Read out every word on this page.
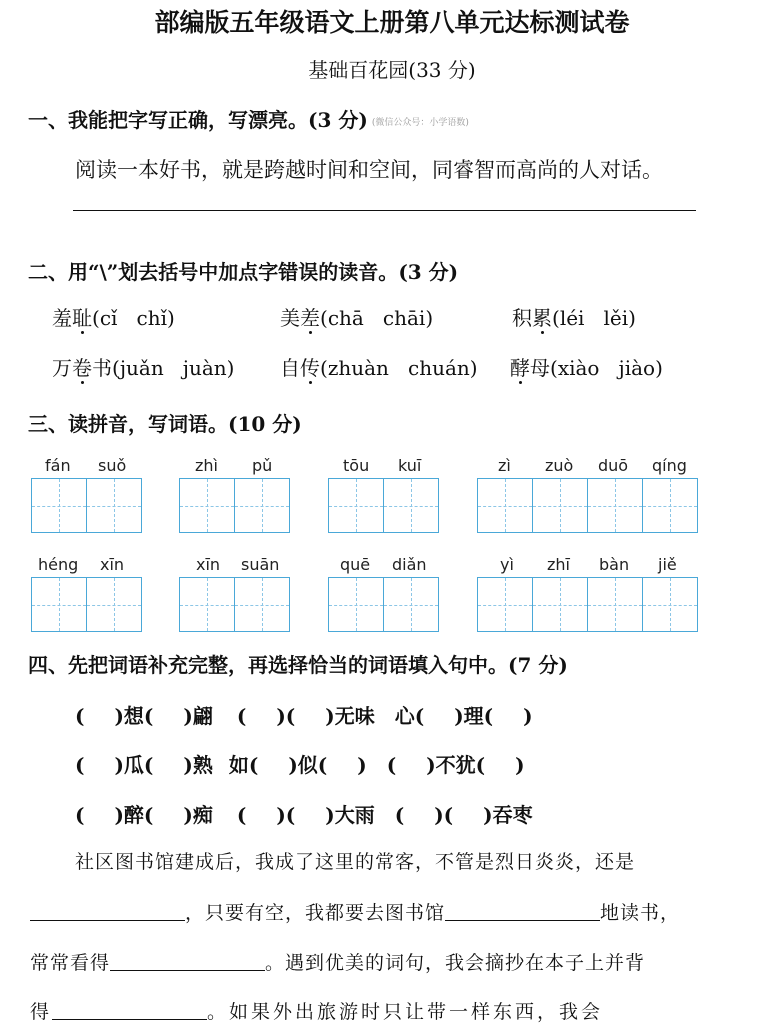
部编版五年级语文上册第八单元达标测试卷
基础百花园(33 分)
一、我能把字写正确，写漂亮。(3 分) (微信公众号：小学语数)
阅读一本好书，就是跨越时间和空间，同睿智而高尚的人对话。
二、用“\”划去括号中加点字错误的读音。(3 分)
羞耻(cǐ chǐ)	美差(chā chāi)	积累(léi lěi)
万卷书(juǎn juàn) 自传(zhuàn chuán) 酵母(xiào jiào)
三、读拼音，写词语。(10 分)
fán suǒ	zhì pǔ	tōu kuī	zì zuò duō qíng
héng xīn	xīn suān	quē diǎn	yì zhī bàn jiě
四、先把词语补充完整，再选择恰当的词语填入句中。(7 分)
( )想( )翩 ( )( )无味 心( )理( )
( )瓜( )熟 如( )似( ) ( )不犹( )
( )醉( )痴 ( )( )大雨 ( )( )吞枣
社区图书馆建成后，我成了这里的常客，不管是烈日炎炎，还是
，只要有空，我都要去图书馆	地读书，
常常看得	。遇到优美的词句，我会摘抄在本子上并背
得	。如果外出旅游时只让带一样东西，我会
